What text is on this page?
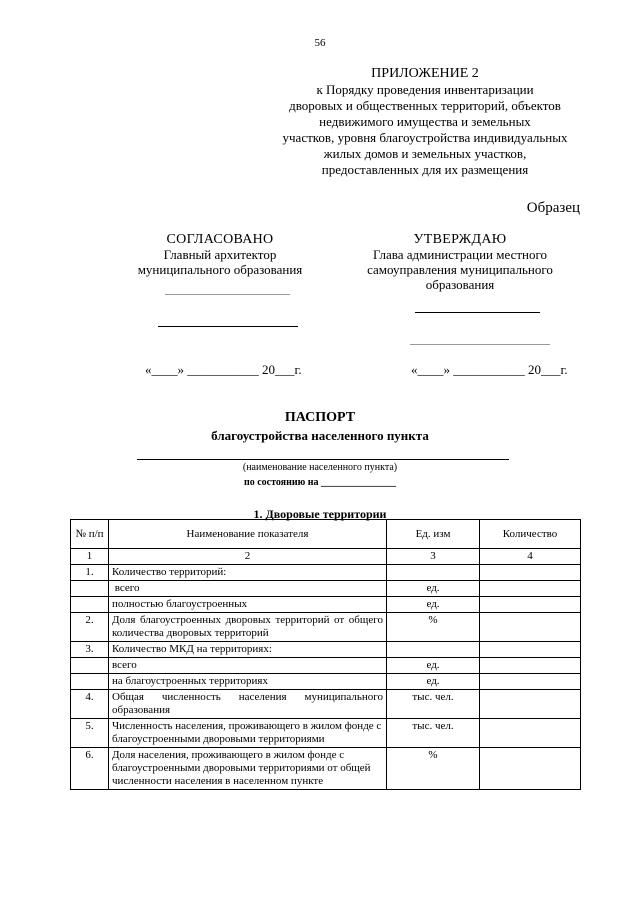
56
ПРИЛОЖЕНИЕ 2
к Порядку проведения инвентаризации
дворовых и общественных территорий, объектов
недвижимого имущества и земельных
участков, уровня благоустройства индивидуальных
жилых домов и земельных участков,
предоставленных для их размещения
Образец
СОГЛАСОВАНО
Главный архитектор
муниципального образования
«____» ___________ 20___г.
УТВЕРЖДАЮ
Глава администрации местного
самоуправления муниципального
образования
«____» ___________ 20___г.
ПАСПОРТ
благоустройства населенного пункта
(наименование населенного пункта)
по состоянию на _______________
1. Дворовые территории
№ п/п	Наименование показателя	Ед. изм	Количество
1	2	3	4
1.	Количество территорий:		
	всего	ед.	
	полностью благоустроенных	ед.	
2.	Доля благоустроенных дворовых территорий от общего количества дворовых территорий	%	
3.	Количество МКД на территориях:		
	всего	ед.	
	на благоустроенных территориях	ед.	
4.	Общая численность населения муниципального образования	тыс. чел.	
5.	Численность населения, проживающего в жилом фонде с благоустроенными дворовыми территориями	тыс. чел.	
6.	Доля населения, проживающего в жилом фонде с благоустроенными дворовыми территориями от общей численности населения в населенном пункте	%	
